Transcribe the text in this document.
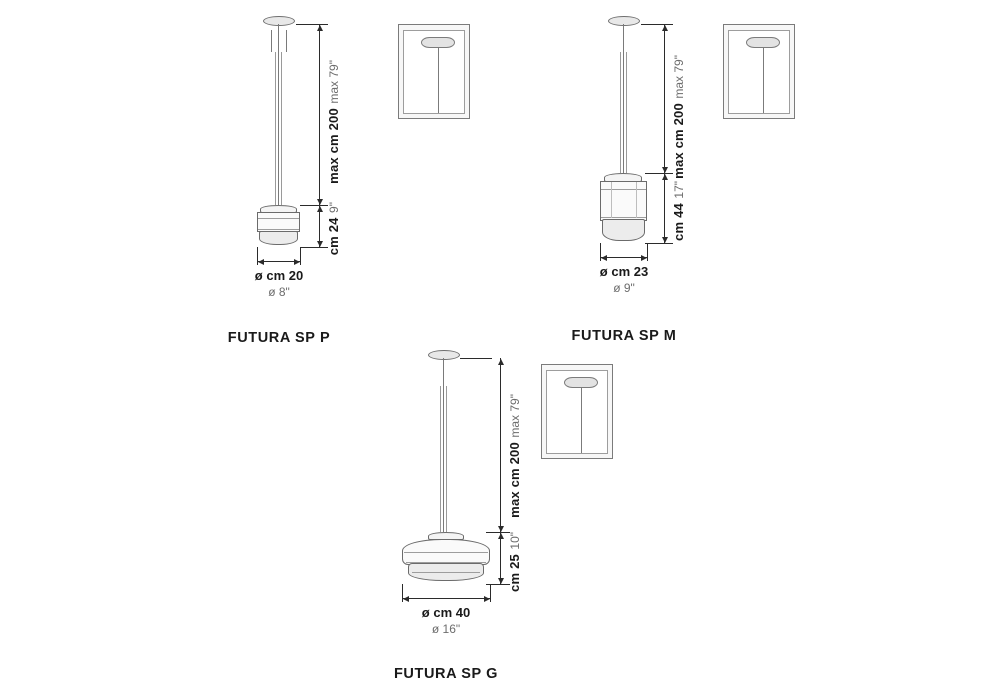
max cm 200 max 79"
cm 24 9"
ø cm 20
ø 8"
FUTURA SP P
max cm 200 max 79"
cm 44 17"
ø cm 23
ø 9"
FUTURA SP M
max cm 200 max 79"
cm 25 10"
ø cm 40
ø 16"
FUTURA SP G
